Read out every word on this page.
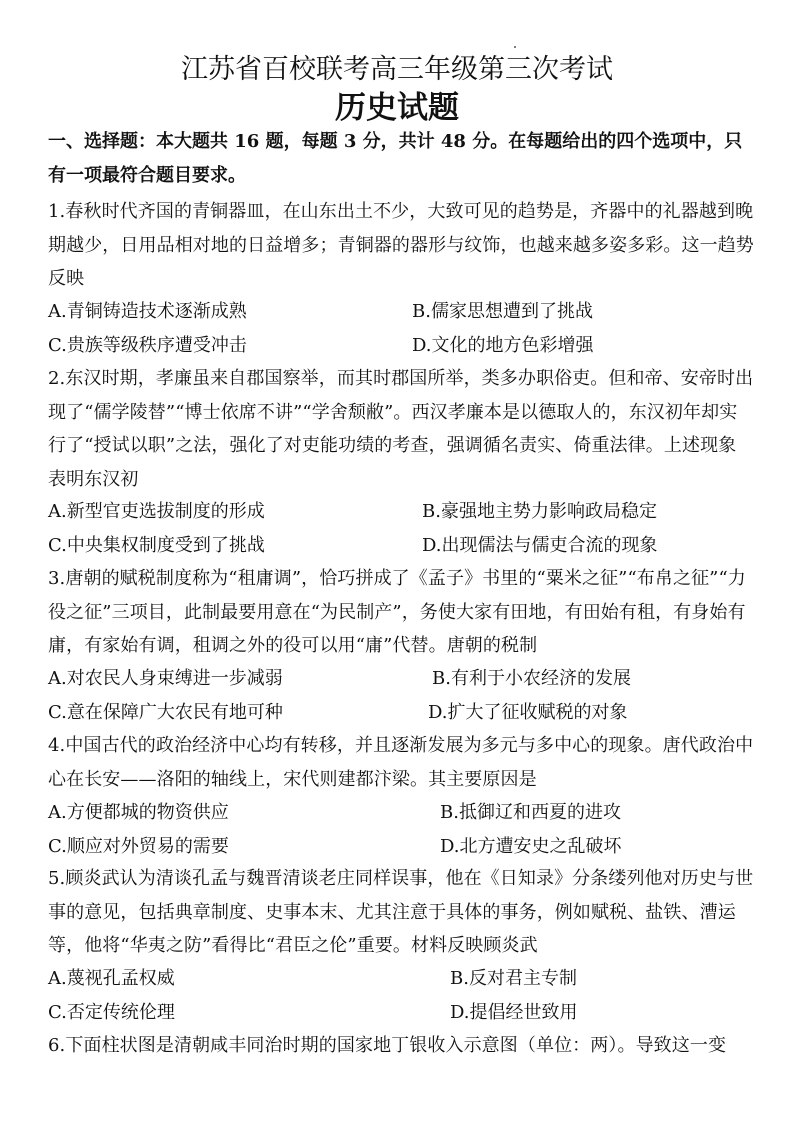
江苏省百校联考高三年级第三次考试
历史试题
一、选择题：本大题共 16 题，每题 3 分，共计 48 分。在每题给出的四个选项中，只有一项最符合题目要求。
1.春秋时代齐国的青铜器皿，在山东出土不少，大致可见的趋势是，齐器中的礼器越到晚期越少，日用品相对地的日益增多；青铜器的器形与纹饰，也越来越多姿多彩。这一趋势反映
A.青铜铸造技术逐渐成熟	B.儒家思想遭到了挑战
C.贵族等级秩序遭受冲击	D.文化的地方色彩增强
2.东汉时期，孝廉虽来自郡国察举，而其时郡国所举，类多办职俗吏。但和帝、安帝时出现了“儒学陵替”“博士依席不讲”“学舍颓敝”。西汉孝廉本是以德取人的，东汉初年却实行了“授试以职”之法，强化了对吏能功绩的考查，强调循名责实、倚重法律。上述现象表明东汉初
A.新型官吏选拔制度的形成	B.豪强地主势力影响政局稳定
C.中央集权制度受到了挑战	D.出现儒法与儒吏合流的现象
3.唐朝的赋税制度称为“租庸调”，恰巧拼成了《孟子》书里的“粟米之征”“布帛之征”“力役之征”三项目，此制最要用意在“为民制产”，务使大家有田地，有田始有租，有身始有庸，有家始有调，租调之外的役可以用“庸”代替。唐朝的税制
A.对农民人身束缚进一步减弱	B.有利于小农经济的发展
C.意在保障广大农民有地可种	D.扩大了征收赋税的对象
4.中国古代的政治经济中心均有转移，并且逐渐发展为多元与多中心的现象。唐代政治中心在长安——洛阳的轴线上，宋代则建都汴梁。其主要原因是
A.方便都城的物资供应	B.抵御辽和西夏的进攻
C.顺应对外贸易的需要	D.北方遭安史之乱破坏
5.顾炎武认为清谈孔孟与魏晋清谈老庄同样误事，他在《日知录》分条缕列他对历史与世事的意见，包括典章制度、史事本末、尤其注意于具体的事务，例如赋税、盐铁、漕运等，他将“华夷之防”看得比“君臣之伦”重要。材料反映顾炎武
A.蔑视孔孟权威	B.反对君主专制
C.否定传统伦理	D.提倡经世致用
6.下面柱状图是清朝咸丰同治时期的国家地丁银收入示意图（单位：两）。导致这一变
